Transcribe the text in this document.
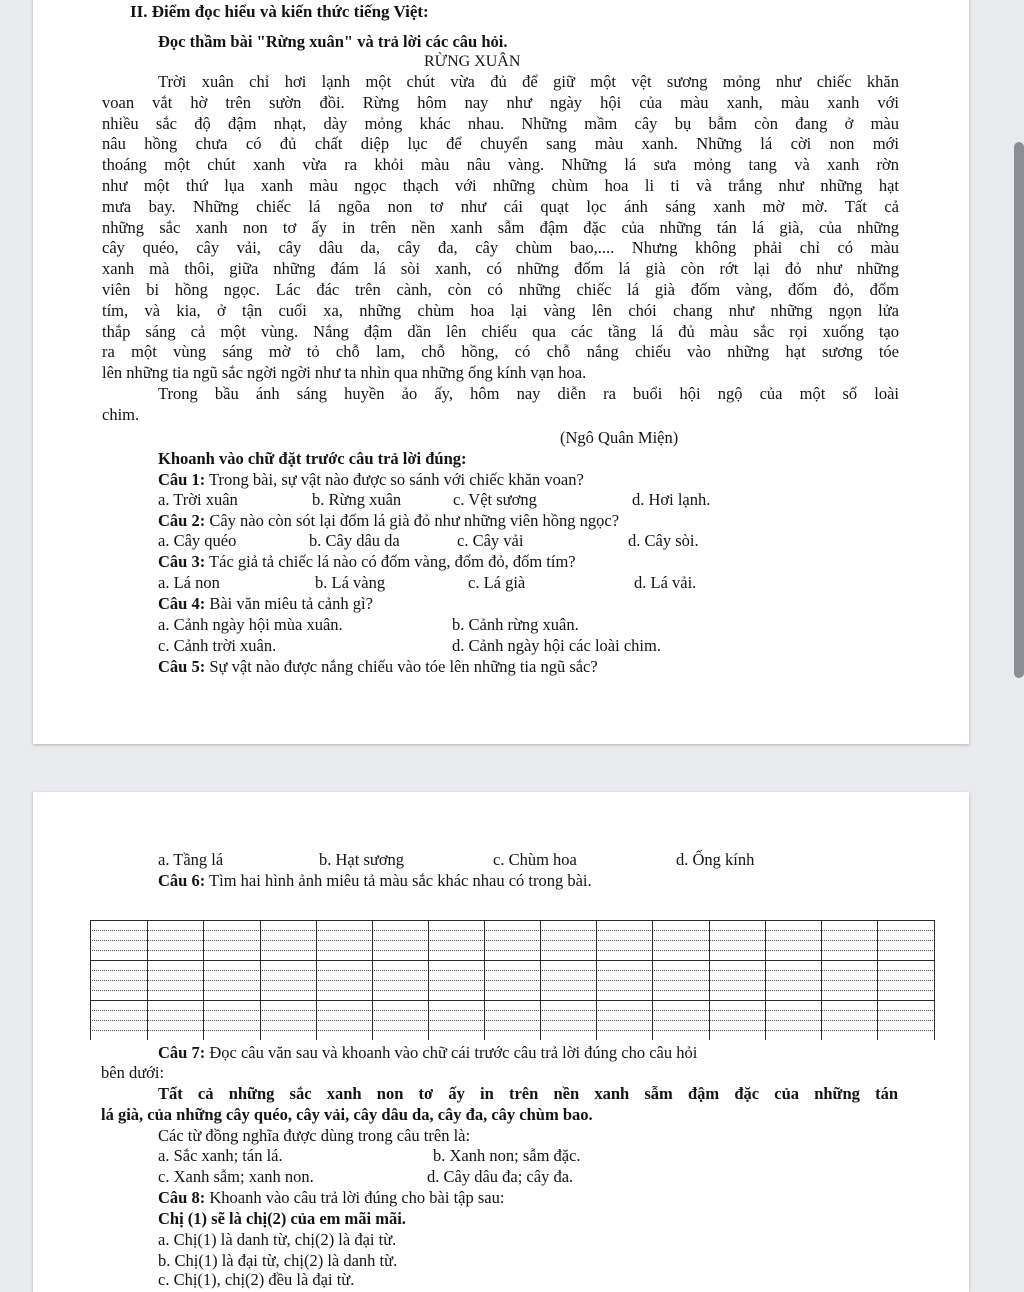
II. Điểm đọc hiểu và kiến thức tiếng Việt:
Đọc thầm bài "Rừng xuân" và trả lời các câu hỏi.
RỪNG XUÂN

Trời xuân chỉ hơi lạnh một chút vừa đủ để giữ một vệt sương mỏng như chiếc khăn

voan vắt hờ trên sườn đồi. Rừng hôm nay như ngày hội của màu xanh, màu xanh với

nhiều sắc độ đậm nhạt, dày mỏng khác nhau. Những mầm cây bụ bẫm còn đang ở màu

nâu hồng chưa có đủ chất diệp lục để chuyển sang màu xanh. Những lá cời non mới

thoáng một chút xanh vừa ra khỏi màu nâu vàng. Những lá sưa mỏng tang và xanh rờn

như một thứ lụa xanh màu ngọc thạch với những chùm hoa li ti và trắng như những hạt

mưa bay. Những chiếc lá ngõa non tơ như cái quạt lọc ánh sáng xanh mờ mờ. Tất cả

những sắc xanh non tơ ấy in trên nền xanh sẫm đậm đặc của những tán lá già, của những

cây quéo, cây vải, cây dâu da, cây đa, cây chùm bao,.... Nhưng không phải chỉ có màu

xanh mà thôi, giữa những đám lá sòi xanh, có những đốm lá già còn rớt lại đỏ như những

viên bi hồng ngọc. Lác đác trên cành, còn có những chiếc lá già đốm vàng, đốm đỏ, đốm

tím, và kia, ở tận cuối xa, những chùm hoa lại vàng lên chói chang như những ngọn lửa

thắp sáng cả một vùng. Nắng đậm dần lên chiếu qua các tầng lá đủ màu sắc rọi xuống tạo

ra một vùng sáng mờ tỏ chỗ lam, chỗ hồng, có chỗ nắng chiếu vào những hạt sương tóe

lên những tia ngũ sắc ngời ngời như ta nhìn qua những ống kính vạn hoa.

Trong bầu ánh sáng huyền ảo ấy, hôm nay diễn ra buổi hội ngộ của một số loài

chim.

(Ngô Quân Miện)
Khoanh vào chữ đặt trước câu trả lời đúng:
Câu 1: Trong bài, sự vật nào được so sánh với chiếc khăn voan?
a. Trời xuân	b. Rừng xuân	c. Vệt sương	d. Hơi lạnh.
Câu 2: Cây nào còn sót lại đốm lá già đỏ như những viên hồng ngọc?
a. Cây quéo	b. Cây dâu da	c. Cây vải	d. Cây sòi.
Câu 3: Tác giả tả chiếc lá nào có đốm vàng, đốm đỏ, đốm tím?
a. Lá non	b. Lá vàng	c. Lá già	d. Lá vải.
Câu 4: Bài văn miêu tả cảnh gì?
a. Cảnh ngày hội mùa xuân.	b. Cảnh rừng xuân.
c. Cảnh trời xuân.	d. Cảnh ngày hội các loài chim.
Câu 5: Sự vật nào được nắng chiếu vào tóe lên những tia ngũ sắc?
a. Tầng lá	b. Hạt sương	c. Chùm hoa	d. Ống kính
Câu 6: Tìm hai hình ảnh miêu tả màu sắc khác nhau có trong bài.
Câu 7: Đọc câu văn sau và khoanh vào chữ cái trước câu trả lời đúng cho câu hỏi
bên dưới:
Tất cả những sắc xanh non tơ ấy in trên nền xanh sẫm đậm đặc của những tán
lá già, của những cây quéo, cây vải, cây dâu da, cây đa, cây chùm bao.
Các từ đồng nghĩa được dùng trong câu trên là:
a. Sắc xanh; tán lá.	b. Xanh non; sẫm đặc.
c. Xanh sẫm; xanh non.	d. Cây dâu đa; cây đa.
Câu 8: Khoanh vào câu trả lời đúng cho bài tập sau:
Chị (1) sẽ là chị(2) của em mãi mãi.
a. Chị(1) là danh từ, chị(2) là đại từ.
b. Chị(1) là đại từ, chị(2) là danh từ.
c. Chị(1), chị(2) đều là đại từ.
